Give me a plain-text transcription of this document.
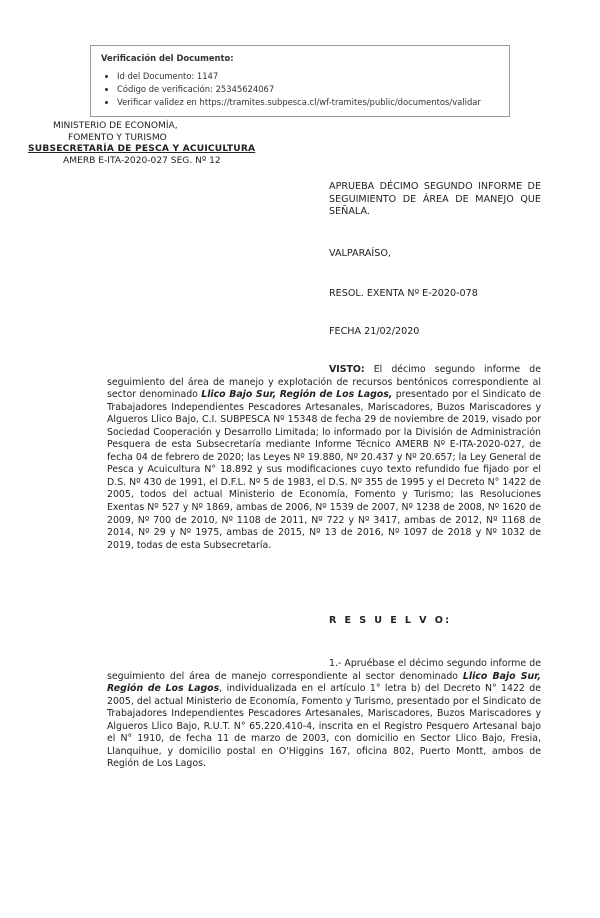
Verificación del Documento:
• Id del Documento: 1147
• Código de verificación: 25345624067
• Verificar validez en https://tramites.subpesca.cl/wf-tramites/public/documentos/validar
MINISTERIO DE ECONOMÍA,
FOMENTO Y TURISMO
SUBSECRETARÍA DE PESCA Y ACUICULTURA
AMERB E-ITA-2020-027 SEG. Nº 12
APRUEBA DÉCIMO SEGUNDO INFORME DE SEGUIMIENTO DE ÁREA DE MANEJO QUE SEÑALA.
VALPARAÍSO,
RESOL. EXENTA Nº E-2020-078
FECHA 21/02/2020
VISTO: El décimo segundo informe de seguimiento del área de manejo y explotación de recursos bentónicos correspondiente al sector denominado Llico Bajo Sur, Región de Los Lagos, presentado por el Sindicato de Trabajadores Independientes Pescadores Artesanales, Mariscadores, Buzos Mariscadores y Algueros Llico Bajo, C.I. SUBPESCA Nº 15348 de fecha 29 de noviembre de 2019, visado por Sociedad Cooperación y Desarrollo Limitada; lo informado por la División de Administración Pesquera de esta Subsecretaría mediante Informe Técnico AMERB Nº E-ITA-2020-027, de fecha 04 de febrero de 2020; las Leyes Nº 19.880, Nº 20.437 y Nº 20.657; la Ley General de Pesca y Acuicultura N° 18.892 y sus modificaciones cuyo texto refundido fue fijado por el D.S. Nº 430 de 1991, el D.F.L. Nº 5 de 1983, el D.S. Nº 355 de 1995 y el Decreto N° 1422 de 2005, todos del actual Ministerio de Economía, Fomento y Turismo; las Resoluciones Exentas Nº 527 y Nº 1869, ambas de 2006, Nº 1539 de 2007, Nº 1238 de 2008, Nº 1620 de 2009, Nº 700 de 2010, Nº 1108 de 2011, Nº 722 y Nº 3417, ambas de 2012, Nº 1168 de 2014, Nº 29 y Nº 1975, ambas de 2015, Nº 13 de 2016, Nº 1097 de 2018 y Nº 1032 de 2019, todas de esta Subsecretaría.
R E S U E L V O:
1.- Apruébase el décimo segundo informe de seguimiento del área de manejo correspondiente al sector denominado Llico Bajo Sur, Región de Los Lagos, individualizada en el artículo 1° letra b) del Decreto N° 1422 de 2005, del actual Ministerio de Economía, Fomento y Turismo, presentado por el Sindicato de Trabajadores Independientes Pescadores Artesanales, Mariscadores, Buzos Mariscadores y Algueros Llico Bajo, R.U.T. N° 65.220.410-4, inscrita en el Registro Pesquero Artesanal bajo el N° 1910, de fecha 11 de marzo de 2003, con domicilio en Sector Llico Bajo, Fresia, Llanquihue, y domicilio postal en O'Higgins 167, oficina 802, Puerto Montt, ambos de Región de Los Lagos.
